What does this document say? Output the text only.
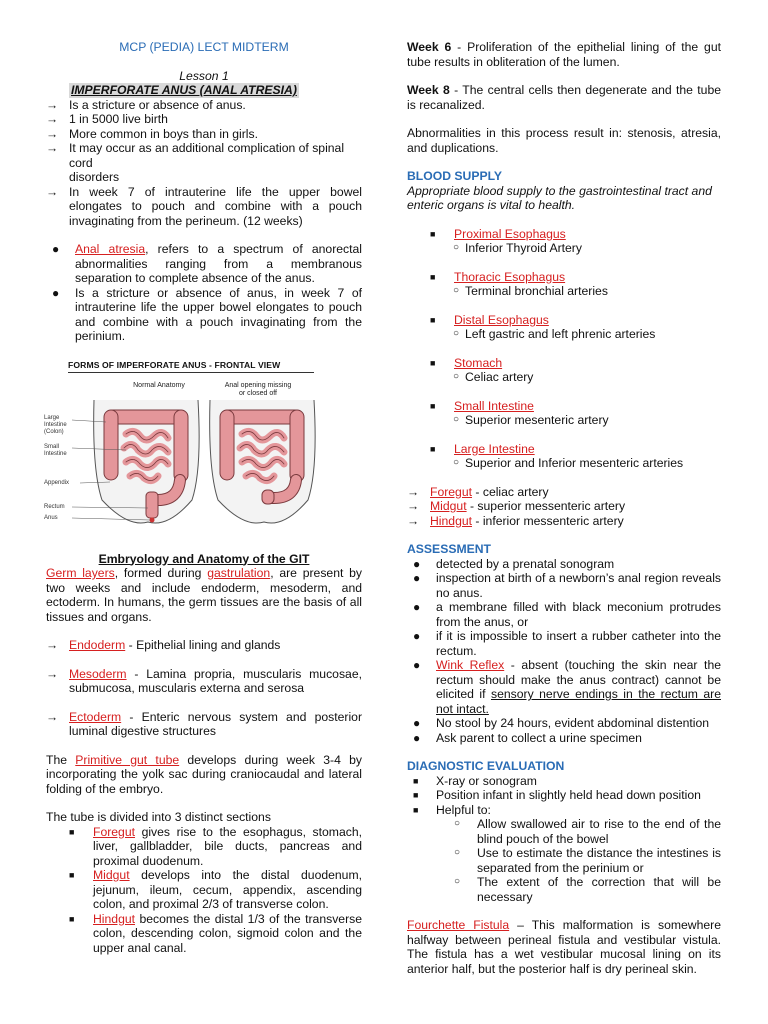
MCP (PEDIA) LECT MIDTERM
Lesson 1
IMPERFORATE ANUS (ANAL ATRESIA)
→ Is a stricture or absence of anus.
→ 1 in 5000 live birth
→ More common in boys than in girls.
→ It may occur as an additional complication of spinal cord
disorders
→ In week 7 of intrauterine life the upper bowel elongates to pouch and combine with a pouch invaginating from the perineum. (12 weeks)
● Anal atresia, refers to a spectrum of anorectal abnormalities ranging from a membranous separation to complete absence of the anus.
● Is a stricture or absence of anus, in week 7 of intrauterine life the upper bowel elongates to pouch and combine with a pouch invaginating from the perinium.
FORMS OF IMPERFORATE ANUS - FRONTAL VIEW
Normal Anatomy	Anal opening missing or closed off
Large Intestine (Colon)
Small Intestine
Appendix
Rectum
Anus
Embryology and Anatomy of the GIT
Germ layers, formed during gastrulation, are present by two weeks and include endoderm, mesoderm, and ectoderm. In humans, the germ tissues are the basis of all tissues and organs.
→ Endoderm - Epithelial lining and glands
→ Mesoderm - Lamina propria, muscularis mucosae, submucosa, muscularis externa and serosa
→ Ectoderm - Enteric nervous system and posterior luminal digestive structures
The Primitive gut tube develops during week 3-4 by incorporating the yolk sac during craniocaudal and lateral folding of the embryo.
The tube is divided into 3 distinct sections
■ Foregut gives rise to the esophagus, stomach, liver, gallbladder, bile ducts, pancreas and proximal duodenum.
■ Midgut develops into the distal duodenum, jejunum, ileum, cecum, appendix, ascending colon, and proximal 2/3 of transverse colon.
■ Hindgut becomes the distal 1/3 of the transverse colon, descending colon, sigmoid colon and the upper anal canal.
Week 6 - Proliferation of the epithelial lining of the gut tube results in obliteration of the lumen.
Week 8 - The central cells then degenerate and the tube is recanalized.
Abnormalities in this process result in: stenosis, atresia, and duplications.
BLOOD SUPPLY
Appropriate blood supply to the gastrointestinal tract and enteric organs is vital to health.
■ Proximal Esophagus
○ Inferior Thyroid Artery
■ Thoracic Esophagus
○ Terminal bronchial arteries
■ Distal Esophagus
○ Left gastric and left phrenic arteries
■ Stomach
○ Celiac artery
■ Small Intestine
○ Superior mesenteric artery
■ Large Intestine
○ Superior and Inferior mesenteric arteries
→ Foregut - celiac artery
→ Midgut - superior messenteric artery
→ Hindgut - inferior messenteric artery
ASSESSMENT
● detected by a prenatal sonogram
● inspection at birth of a newborn’s anal region reveals no anus.
● a membrane filled with black meconium protrudes from the anus, or
● if it is impossible to insert a rubber catheter into the rectum.
● Wink Reflex - absent (touching the skin near the rectum should make the anus contract) cannot be elicited if sensory nerve endings in the rectum are not intact.
● No stool by 24 hours, evident abdominal distention
● Ask parent to collect a urine specimen
DIAGNOSTIC EVALUATION
■ X-ray or sonogram
■ Position infant in slightly held head down position
■ Helpful to:
○ Allow swallowed air to rise to the end of the blind pouch of the bowel
○ Use to estimate the distance the intestines is separated from the perinium or
○ The extent of the correction that will be necessary
Fourchette Fistula – This malformation is somewhere halfway between perineal fistula and vestibular vistula. The fistula has a wet vestibular mucosal lining on its anterior half, but the posterior half is dry perineal skin.
